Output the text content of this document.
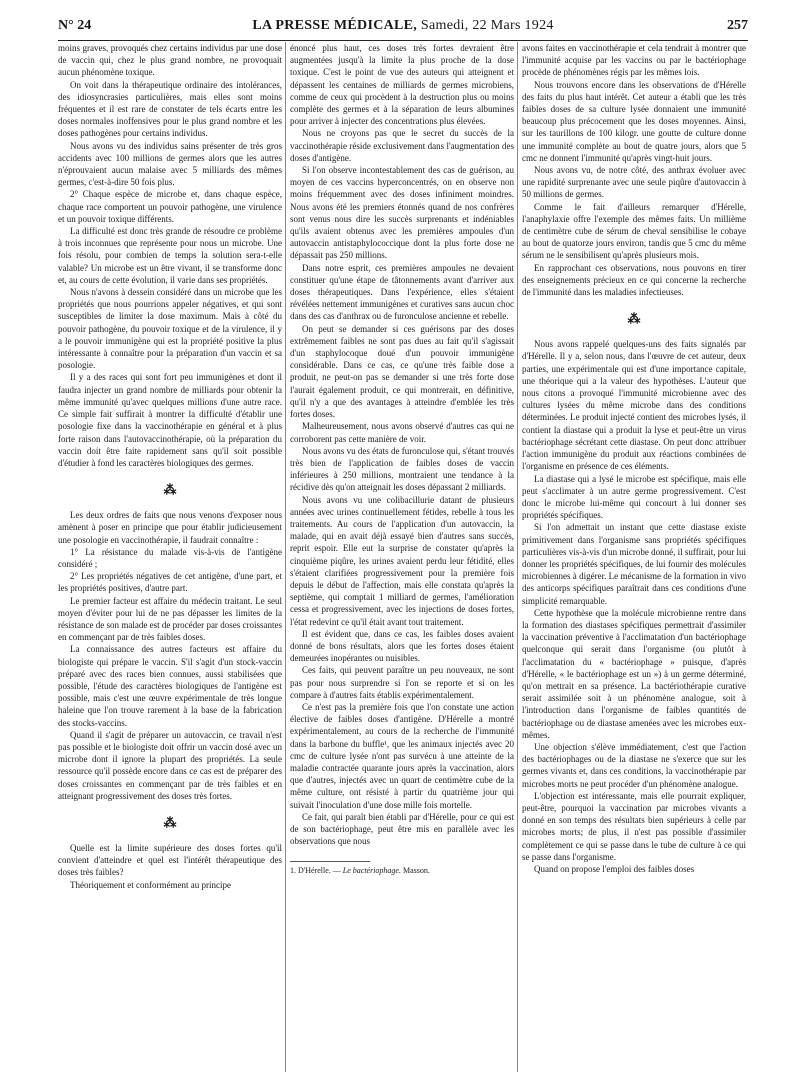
N° 24	LA PRESSE MÉDICALE, Samedi, 22 Mars 1924	257

moins graves, provoqués chez certains individus par une dose de vaccin qui, chez le plus grand nombre, ne provoquait aucun phénomène toxique.

On voit dans la thérapeutique ordinaire des intolérances, des idiosyncrasies particulières, mais elles sont moins fréquentes et il est rare de constater de tels écarts entre les doses normales inoffensives pour le plus grand nombre et les doses pathogènes pour certains individus.

Nous avons vu des individus sains présenter de très gros accidents avec 100 millions de germes alors que les autres n'éprouvaient aucun malaise avec 5 milliards des mêmes germes, c'est-à-dire 50 fois plus.

2° Chaque espèce de microbe et, dans chaque espèce, chaque race comportent un pouvoir pathogène, une virulence et un pouvoir toxique différents.

La difficulté est donc très grande de résoudre ce problème à trois inconnues que représente pour nous un microbe. Une fois résolu, pour combien de temps la solution sera-t-elle valable? Un microbe est un être vivant, il se transforme donc et, au cours de cette évolution, il varie dans ses propriétés.

Nous n'avons à dessein considéré dans un microbe que les propriétés que nous pourrions appeler négatives, et qui sont susceptibles de limiter la dose maximum. Mais à côté du pouvoir pathogène, du pouvoir toxique et de la virulence, il y a le pouvoir immunigène qui est la propriété positive la plus intéressante à connaître pour la préparation d'un vaccin et sa posologie.

Il y a des races qui sont fort peu immunigènes et dont il faudra injecter un grand nombre de milliards pour obtenir la même immunité qu'avec quelques millions d'une autre race. Ce simple fait suffirait à montrer la difficulté d'établir une posologie fixe dans la vaccinothérapie en général et à plus forte raison dans l'autovaccinothérapie, où la préparation du vaccin doit être faite rapidement sans qu'il soit possible d'étudier à fond les caractères biologiques des germes.

⁂

Les deux ordres de faits que nous venons d'exposer nous amènent à poser en principe que pour établir judicieusement une posologie en vaccinothérapie, il faudrait connaître :

1° La résistance du malade vis-à-vis de l'antigène considéré ;

2° Les propriétés négatives de cet antigène, d'une part, et les propriétés positives, d'autre part.

Le premier facteur est affaire du médecin traitant. Le seul moyen d'éviter pour lui de ne pas dépasser les limites de la résistance de son malade est de procéder par doses croissantes en commençant par de très faibles doses.

La connaissance des autres facteurs est affaire du biologiste qui prépare le vaccin. S'il s'agit d'un stock-vaccin préparé avec des races bien connues, aussi stabilisées que possible, l'étude des caractères biologiques de l'antigène est possible, mais c'est une œuvre expérimentale de très longue haleine que l'on trouve rarement à la base de la fabrication des stocks-vaccins.

Quand il s'agit de préparer un autovaccin, ce travail n'est pas possible et le biologiste doit offrir un vaccin dosé avec un microbe dont il ignore la plupart des propriétés. La seule ressource qu'il possède encore dans ce cas est de préparer des doses croissantes en commençant par de très faibles et en atteignant progressivement des doses très fortes.

⁂

Quelle est la limite supérieure des doses fortes qu'il convient d'atteindre et quel est l'intérêt thérapeutique des doses très faibles?

Théoriquement et conformément au principe

énoncé plus haut, ces doses très fortes devraient être augmentées jusqu'à la limite la plus proche de la dose toxique. C'est le point de vue des auteurs qui atteignent et dépassent les centaines de milliards de germes microbiens, comme de ceux qui procèdent à la destruction plus ou moins complète des germes et à la séparation de leurs albumines pour arriver à injecter des concentrations plus élevées.

Nous ne croyons pas que le secret du succès de la vaccinothérapie réside exclusivement dans l'augmentation des doses d'antigène.

Si l'on observe incontestablement des cas de guérison, au moyen de ces vaccins hyperconcentrés, on en observe non moins fréquemment avec des doses infiniment moindres. Nous avons été les premiers étonnés quand de nos confrères sont venus nous dire les succès surprenants et indéniables qu'ils avaient obtenus avec les premières ampoules d'un autovaccin antistaphylococcique dont la plus forte dose ne dépassait pas 250 millions.

Dans notre esprit, ces premières ampoules ne devaient constituer qu'une étape de tâtonnements avant d'arriver aux doses thérapeutiques. Dans l'expérience, elles s'étaient révélées nettement immunigènes et curatives sans aucun choc dans des cas d'anthrax ou de furonculose ancienne et rebelle.

On peut se demander si ces guérisons par des doses extrêmement faibles ne sont pas dues au fait qu'il s'agissait d'un staphylocoque doué d'un pouvoir immunigène considérable. Dans ce cas, ce qu'une très faible dose a produit, ne peut-on pas se demander si une très forte dose l'aurait également produit, ce qui montrerait, en définitive, qu'il n'y a que des avantages à atteindre d'emblée les très fortes doses.

Malheureusement, nous avons observé d'autres cas qui ne corroborent pas cette manière de voir.

Nous avons vu des états de furonculose qui, s'étant trouvés très bien de l'application de faibles doses de vaccin inférieures à 250 millions, montraient une tendance à la récidive dès qu'on atteignait les doses dépassant 2 milliards.

Nous avons vu une colibacillurie datant de plusieurs années avec urines continuellement fétides, rebelle à tous les traitements. Au cours de l'application d'un autovaccin, la malade, qui en avait déjà essayé bien d'autres sans succès, reprit espoir. Elle eut la surprise de constater qu'après la cinquième piqûre, les urines avaient perdu leur fétidité, elles s'étaient clarifiées progressivement pour la première fois depuis le début de l'affection, mais elle constata qu'après la septième, qui comptait 1 milliard de germes, l'amélioration cessa et progressivement, avec les injections de doses fortes, l'état redevint ce qu'il était avant tout traitement.

Il est évident que, dans ce cas, les faibles doses avaient donné de bons résultats, alors que les fortes doses étaient demeurées inopérantes ou nuisibles.

Ces faits, qui peuvent paraître un peu nouveaux, ne sont pas pour nous surprendre si l'on se reporte et si on les compare à d'autres faits établis expérimentalement.

Ce n'est pas la première fois que l'on constate une action élective de faibles doses d'antigène. D'Hérelle a montré expérimentalement, au cours de la recherche de l'immunité dans la barbone du buffle¹, que les animaux injectés avec 20 cmc de culture lysée n'ont pas survécu à une atteinte de la maladie contractée quarante jours après la vaccination, alors que d'autres, injectés avec un quart de centimètre cube de la même culture, ont résisté à partir du quatrième jour qui suivait l'inoculation d'une dose mille fois mortelle.

Ce fait, qui paraît bien établi par d'Hérelle, pour ce qui est de son bactériophage, peut être mis en parallèle avec les observations que nous

1. D'Hérelle. — Le bactériophage. Masson.

avons faites en vaccinothérapie et cela tendrait à montrer que l'immunité acquise par les vaccins ou par le bactériophage procède de phénomènes régis par les mêmes lois.

Nous trouvons encore dans les observations de d'Hérelle des faits du plus haut intérêt. Cet auteur a établi que les très faibles doses de sa culture lysée donnaient une immunité beaucoup plus précocement que les doses moyennes. Ainsi, sur les taurillons de 100 kilogr. une goutte de culture donne une immunité complète au bout de quatre jours, alors que 5 cmc ne donnent l'immunité qu'après vingt-huit jours.

Nous avons vu, de notre côté, des anthrax évoluer avec une rapidité surprenante avec une seule piqûre d'autovaccin à 50 millions de germes.

Comme le fait d'ailleurs remarquer d'Hérelle, l'anaphylaxie offre l'exemple des mêmes faits. Un millième de centimètre cube de sérum de cheval sensibilise le cobaye au bout de quatorze jours environ, tandis que 5 cmc du même sérum ne le sensibilisent qu'après plusieurs mois.

En rapprochant ces observations, nous pouvons en tirer des enseignements précieux en ce qui concerne la recherche de l'immunité dans les maladies infectieuses.

⁂

Nous avons rappelé quelques-uns des faits signalés par d'Hérelle. Il y a, selon nous, dans l'œuvre de cet auteur, deux parties, une expérimentale qui est d'une importance capitale, une théorique qui a la valeur des hypothèses. L'auteur que nous citons a provoqué l'immunité microbienne avec des cultures lysées du même microbe dans des conditions déterminées. Le produit injecté contient des microbes lysés, il contient la diastase qui a produit la lyse et peut-être un virus bactériophage sécrétant cette diastase. On peut donc attribuer l'action immunigène du produit aux réactions combinées de l'organisme en présence de ces éléments.

La diastase qui a lysé le microbe est spécifique, mais elle peut s'acclimater à un autre germe progressivement. C'est donc le microbe lui-même qui concourt à lui donner ses propriétés spécifiques.

Si l'on admettait un instant que cette diastase existe primitivement dans l'organisme sans propriétés spécifiques particulières vis-à-vis d'un microbe donné, il suffirait, pour lui donner les propriétés spécifiques, de lui fournir des molécules microbiennes à digérer. Le mécanisme de la formation in vivo des anticorps spécifiques paraîtrait dans ces conditions d'une simplicité remarquable.

Cette hypothèse que la molécule microbienne rentre dans la formation des diastases spécifiques permettrait d'assimiler la vaccination préventive à l'acclimatation d'un bactériophage quelconque qui serait dans l'organisme (ou plutôt à l'acclimatation du « bactériophage » puisque, d'après d'Hérelle, « le bactériophage est un ») à un germe déterminé, qu'on mettrait en sa présence. La bactériothérapie curative serait assimilée soit à un phénomène analogue, soit à l'introduction dans l'organisme de faibles quantités de bactériophage ou de diastase amenées avec les microbes eux-mêmes.

Une objection s'élève immédiatement, c'est que l'action des bactériophages ou de la diastase ne s'exerce que sur les germes vivants et, dans ces conditions, la vaccinothérapie par microbes morts ne peut procéder d'un phénomène analogue.

L'objection est intéressante, mais elle pourrait expliquer, peut-être, pourquoi la vaccination par microbes vivants a donné en son temps des résultats bien supérieurs à celle par microbes morts; de plus, il n'est pas possible d'assimiler complètement ce qui se passe dans le tube de culture à ce qui se passe dans l'organisme.

Quand on propose l'emploi des faibles doses
